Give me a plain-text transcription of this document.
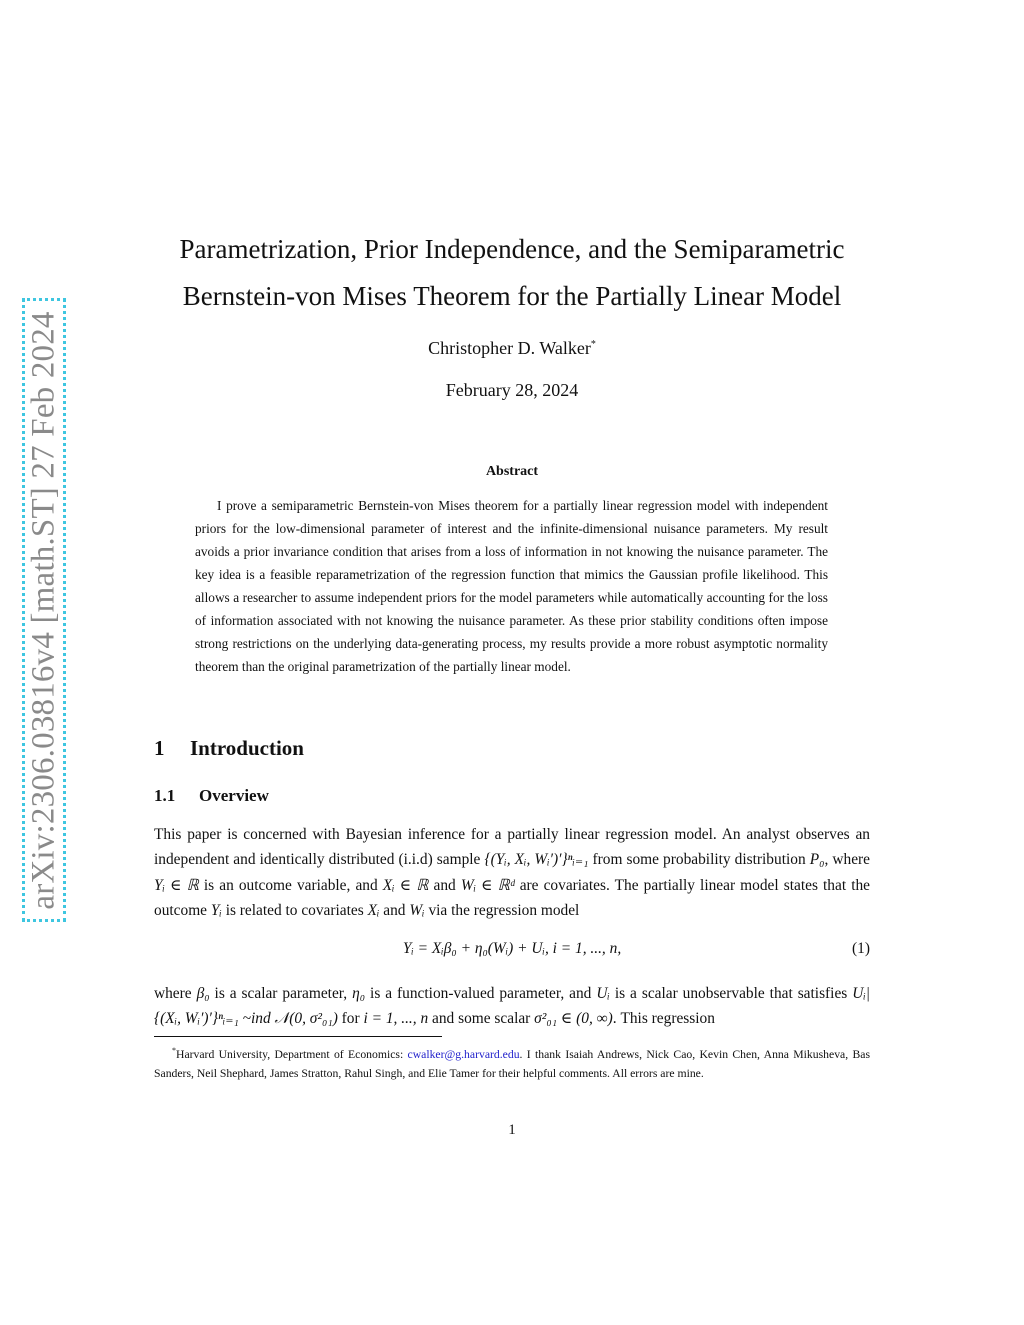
arXiv:2306.03816v4 [math.ST] 27 Feb 2024
Parametrization, Prior Independence, and the Semiparametric Bernstein-von Mises Theorem for the Partially Linear Model
Christopher D. Walker*
February 28, 2024
Abstract

I prove a semiparametric Bernstein-von Mises theorem for a partially linear regression model with independent priors for the low-dimensional parameter of interest and the infinite-dimensional nuisance parameters. My result avoids a prior invariance condition that arises from a loss of information in not knowing the nuisance parameter. The key idea is a feasible reparametrization of the regression function that mimics the Gaussian profile likelihood. This allows a researcher to assume independent priors for the model parameters while automatically accounting for the loss of information associated with not knowing the nuisance parameter. As these prior stability conditions often impose strong restrictions on the underlying data-generating process, my results provide a more robust asymptotic normality theorem than the original parametrization of the partially linear model.

1 Introduction
1.1 Overview

This paper is concerned with Bayesian inference for a partially linear regression model. An analyst observes an independent and identically distributed (i.i.d) sample {(Yᵢ, Xᵢ, Wᵢ′)′}ⁿᵢ₌₁ from some probability distribution P₀, where Yᵢ ∈ ℝ is an outcome variable, and Xᵢ ∈ ℝ and Wᵢ ∈ ℝᵈ are covariates. The partially linear model states that the outcome Yᵢ is related to covariates Xᵢ and Wᵢ via the regression model

Yᵢ = Xᵢβ₀ + η₀(Wᵢ) + Uᵢ, i = 1, ..., n,	(1)

where β₀ is a scalar parameter, η₀ is a function-valued parameter, and Uᵢ is a scalar unobservable that satisfies Uᵢ|{(Xᵢ, Wᵢ′)′}ⁿᵢ₌₁ ~ind 𝒩(0, σ²₀₁) for i = 1, ..., n and some scalar σ²₀₁ ∈ (0, ∞). This regression

*Harvard University, Department of Economics: cwalker@g.harvard.edu. I thank Isaiah Andrews, Nick Cao, Kevin Chen, Anna Mikusheva, Bas Sanders, Neil Shephard, James Stratton, Rahul Singh, and Elie Tamer for their helpful comments. All errors are mine.

1
